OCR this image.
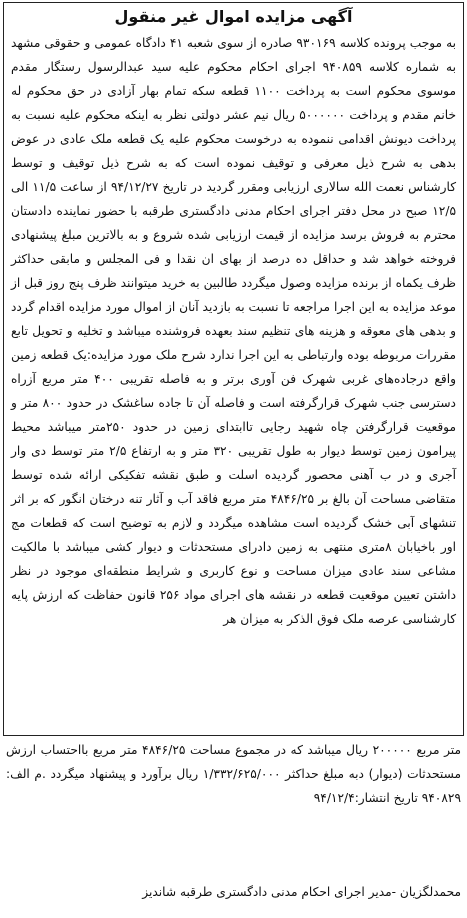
آگهی مزایده اموال غیر منقول

به موجب پرونده کلاسه ۹۳۰۱۶۹ صادره از سوی شعبه ۴۱ دادگاه عمومی و حقوقی مشهد به شماره کلاسه ۹۴۰۸۵۹ اجرای احکام محکوم علیه سید عبدالرسول رستگار مقدم موسوی محکوم است به پرداخت ۱۱۰۰ قطعه سکه تمام بهار آزادی در حق محکوم له خانم مقدم و پرداخت ۵۰۰۰۰۰۰ ریال نیم عشر دولتی نظر به اینکه محکوم علیه نسبت به پرداخت دیونش اقدامی ننموده به درخوست محکوم علیه یک قطعه ملک عادی در عوض بدهی به شرح ذیل معرفی و توقیف نموده است که به شرح ذیل توقیف و توسط کارشناس نعمت الله سالاری ارزیابی ومقرر گردید در تاریخ ۹۴/۱۲/۲۷ از ساعت ۱۱/۵ الی ۱۲/۵ صبح در محل دفتر اجرای احکام مدنی دادگستری طرقبه با حضور نماینده دادستان محترم به فروش برسد مزایده از قیمت ارزیابی شده شروع و به بالاترین مبلغ پیشنهادی فروخته خواهد شد و حداقل ده درصد از بهای ان نقدا و فی المجلس و مابقی حداکثر ظرف یکماه از برنده مزایده وصول میگردد طالبین به خرید میتوانند ظرف پنج روز قبل از موعد مزایده به این اجرا مراجعه تا نسبت به بازدید آنان از اموال مورد مزایده اقدام گردد و بدهی های معوقه و هزینه های تنظیم سند بعهده فروشنده میباشد و تخلیه و تحویل تابع مقررات مربوطه بوده وارتباطی به این اجرا ندارد شرح ملک مورد مزایده:یک قطعه زمین واقع درجاده‌های غربی شهرک فن آوری برتر و به فاصله تقریبی ۴۰۰ متر مربع آزراه دسترسی جنب شهرک قرارگرفته است و فاصله آن تا جاده ساغشک در حدود ۸۰۰ متر و موقعیت قرارگرفتن چاه شهید رجایی تاابتدای زمین در حدود ۲۵۰متر میباشد محیط پیرامون زمین توسط دیوار به طول تقریبی ۳۲۰ متر و به ارتفاع ۲/۵ متر توسط دی وار آجری و در ب آهنی محصور گردیده اسلت و طبق نقشه تفکیکی ارائه شده توسط متقاضی مساحت آن بالغ بر ۴۸۴۶/۲۵ متر مربع فاقد آب و آثار تنه درختان انگور که بر اثر تنشهای آبی خشک گردیده است مشاهده میگردد و لازم به توضیح است که قطعات مج اور باخیابان ۸متری منتهی به زمین دادرای مستحدثات و دیوار کشی میباشد با مالکیت مشاعی سند عادی میزان مساحت و نوع کاربری و شرایط منطقه‌ای موجود در نظر داشتن تعیین موقعیت قطعه در نقشه های اجرای مواد ۲۵۶ قانون حفاظت که ارزش پایه کارشناسی عرصه ملک فوق الذکر به میزان هر

متر مربع ۲۰۰۰۰۰ ریال میباشد که در مجموع مساحت ۴۸۴۶/۲۵ متر مربع بااحتساب ارزش مستحدثات (دیوار) دبه مبلغ حداکثر ۱/۳۳۲/۶۲۵/۰۰۰ ریال برآورد و پیشنهاد میگردد .م الف: ۹۴۰۸۲۹ تاریخ انتشار:۹۴/۱۲/۴

محمدلگزیان -مدیر اجرای احکام مدنی دادگستری طرقبه شاندیز
